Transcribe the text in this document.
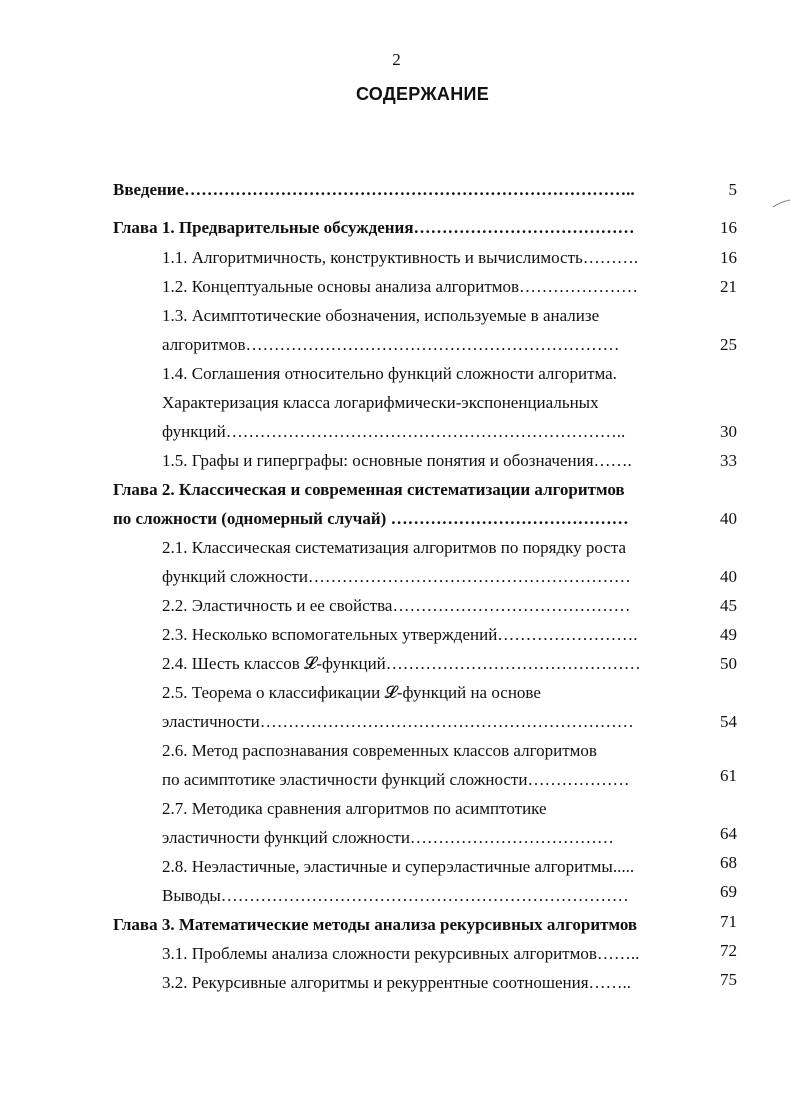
2
СОДЕРЖАНИЕ
Введение……………………………………………………………………..	5
Глава 1. Предварительные обсуждения…………………………………	16
1.1. Алгоритмичность, конструктивность и вычислимость……….	16
1.2. Концептуальные основы анализа алгоритмов…………………	21
1.3. Асимптотические обозначения, используемые в анализе
алгоритмов…………………………………………………………	25
1.4. Соглашения относительно функций сложности алгоритма.
Характеризация класса логарифмически-экспоненциальных
функций……………………………………………………………..	30
1.5. Графы и гиперграфы: основные понятия и обозначения…….	33
Глава 2. Классическая и современная систематизации алгоритмов
по сложности (одномерный случай) ……………………………………	40
2.1. Классическая систематизация алгоритмов по порядку роста
функций сложности…………………………………………………	40
2.2. Эластичность и ее свойства……………………………………	45
2.3. Несколько вспомогательных утверждений…………………….	49
2.4. Шесть классов 𝓛-функций………………………………………	50
2.5. Теорема о классификации 𝓛-функций на основе
эластичности…………………………………………………………	54
2.6. Метод распознавания современных классов алгоритмов
по асимптотике эластичности функций сложности………………	61
2.7. Методика сравнения алгоритмов по асимптотике
эластичности функций сложности………………………………	64
2.8. Неэластичные, эластичные и суперэластичные алгоритмы.....	68
Выводы………………………………………………………………	69
Глава 3. Математические методы анализа рекурсивных алгоритмов	71
3.1. Проблемы анализа сложности рекурсивных алгоритмов……..	72
3.2. Рекурсивные алгоритмы и рекуррентные соотношения……..	75
